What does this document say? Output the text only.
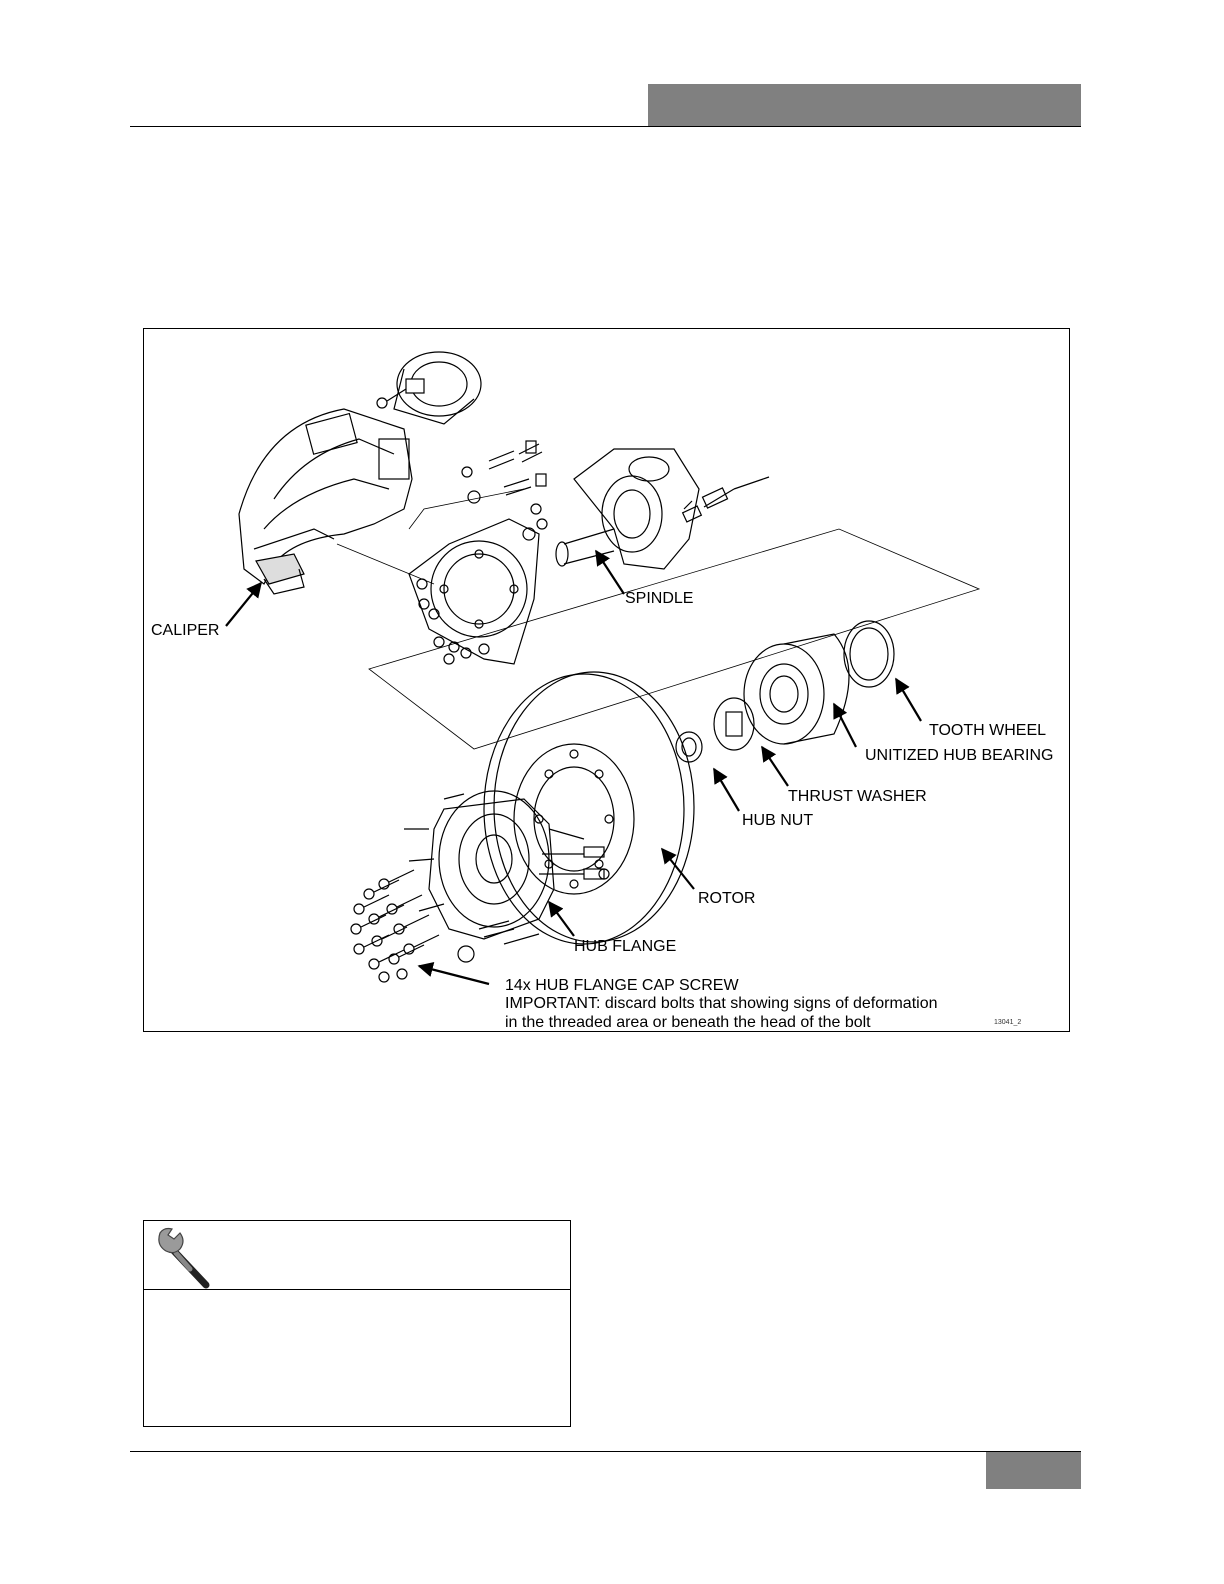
CALIPER
SPINDLE
TOOTH WHEEL
UNITIZED HUB BEARING
THRUST WASHER
HUB NUT
ROTOR
HUB FLANGE
14x HUB FLANGE CAP SCREW
IMPORTANT: discard bolts that showing signs of deformation
in the threaded area or beneath the head of the bolt	13041_2
